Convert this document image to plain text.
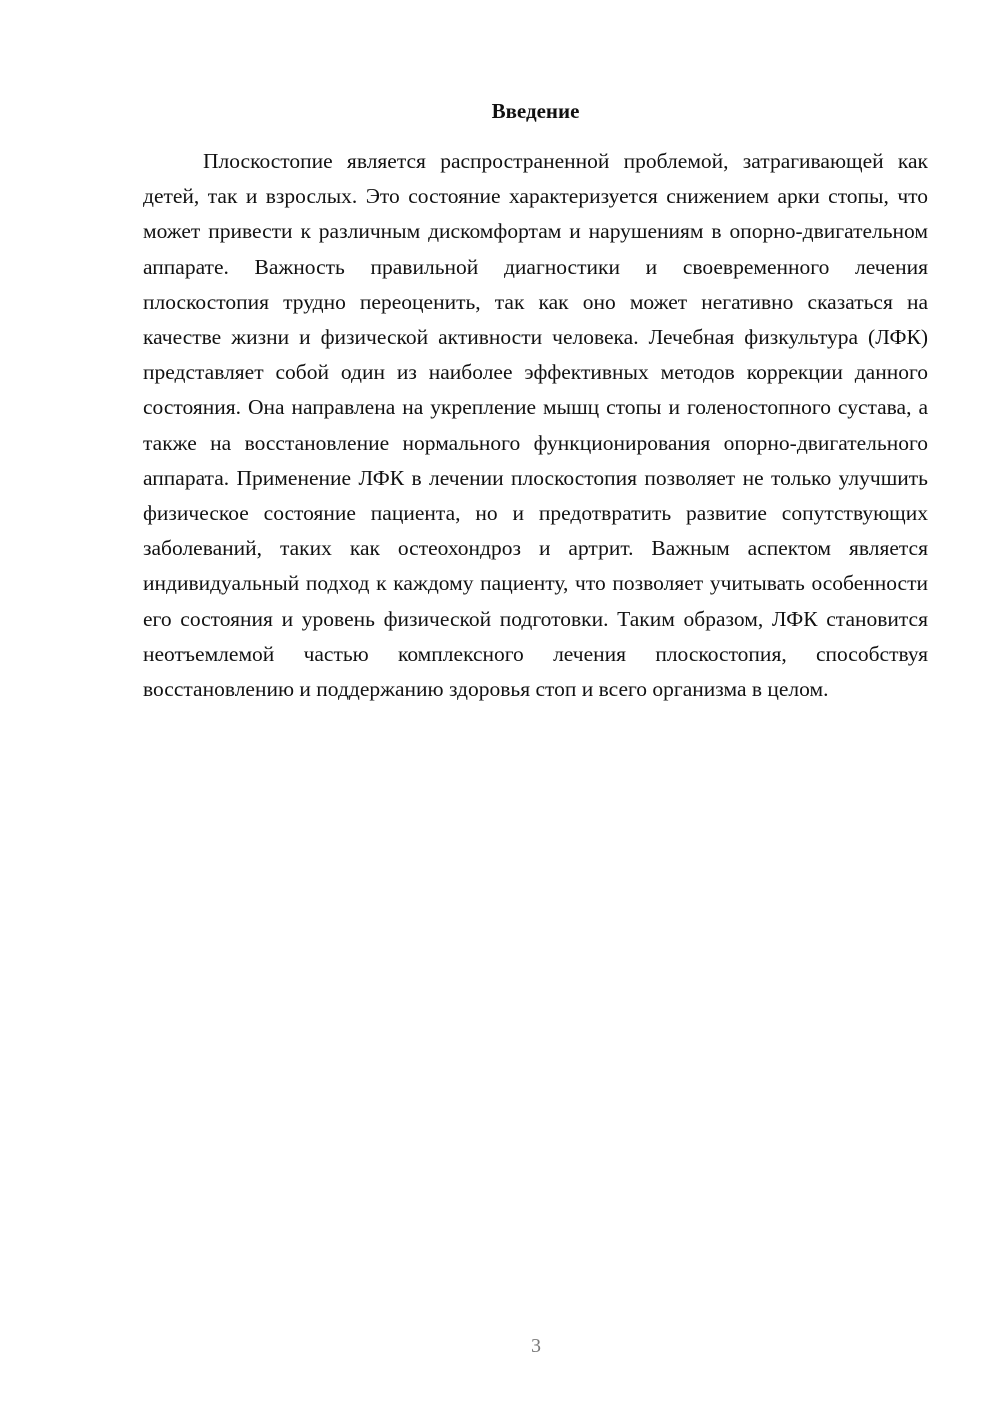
Введение

Плоскостопие является распространенной проблемой, затрагивающей как детей, так и взрослых. Это состояние характеризуется снижением арки стопы, что может привести к различным дискомфортам и нарушениям в опорно-двигательном аппарате. Важность правильной диагностики и своевременного лечения плоскостопия трудно переоценить, так как оно может негативно сказаться на качестве жизни и физической активности человека. Лечебная физкультура (ЛФК) представляет собой один из наиболее эффективных методов коррекции данного состояния. Она направлена на укрепление мышц стопы и голеностопного сустава, а также на восстановление нормального функционирования опорно-двигательного аппарата. Применение ЛФК в лечении плоскостопия позволяет не только улучшить физическое состояние пациента, но и предотвратить развитие сопутствующих заболеваний, таких как остеохондроз и артрит. Важным аспектом является индивидуальный подход к каждому пациенту, что позволяет учитывать особенности его состояния и уровень физической подготовки. Таким образом, ЛФК становится неотъемлемой частью комплексного лечения плоскостопия, способствуя восстановлению и поддержанию здоровья стоп и всего организма в целом.

3
